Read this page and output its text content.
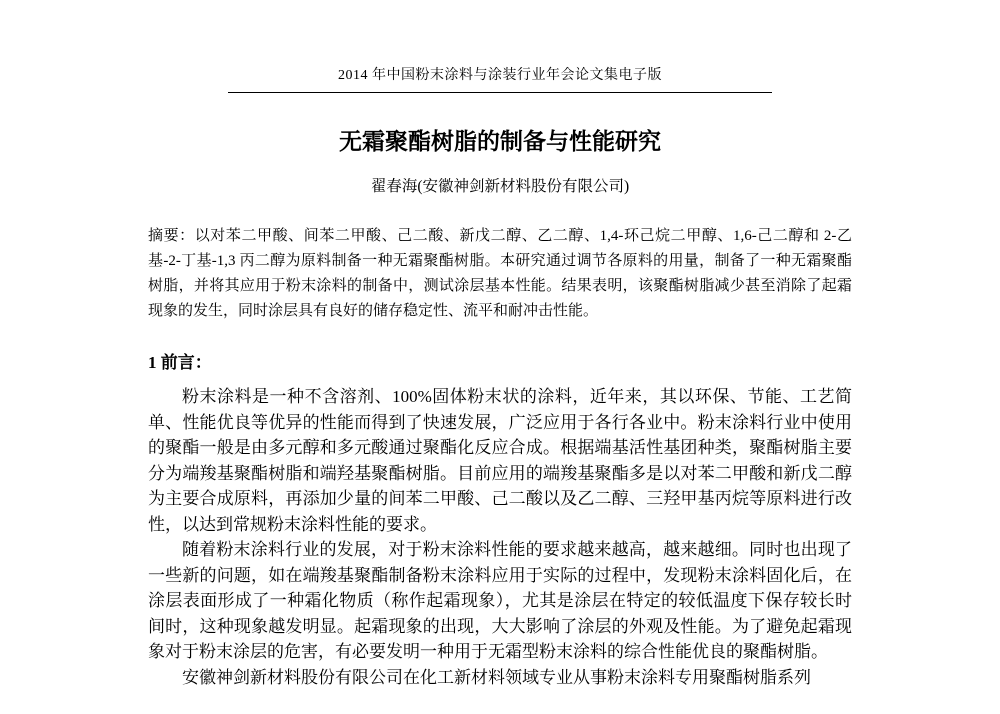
2014 年中国粉末涂料与涂装行业年会论文集电子版
无霜聚酯树脂的制备与性能研究
翟春海(安徽神剑新材料股份有限公司)

摘要：以对苯二甲酸、间苯二甲酸、己二酸、新戊二醇、乙二醇、1,4-环己烷二甲醇、1,6-己二醇和 2-乙基-2-丁基-1,3 丙二醇为原料制备一种无霜聚酯树脂。本研究通过调节各原料的用量，制备了一种无霜聚酯树脂，并将其应用于粉末涂料的制备中，测试涂层基本性能。结果表明，该聚酯树脂减少甚至消除了起霜现象的发生，同时涂层具有良好的储存稳定性、流平和耐冲击性能。

1 前言：

粉末涂料是一种不含溶剂、100%固体粉末状的涂料，近年来，其以环保、节能、工艺简单、性能优良等优异的性能而得到了快速发展，广泛应用于各行各业中。粉末涂料行业中使用的聚酯一般是由多元醇和多元酸通过聚酯化反应合成。根据端基活性基团种类，聚酯树脂主要分为端羧基聚酯树脂和端羟基聚酯树脂。目前应用的端羧基聚酯多是以对苯二甲酸和新戊二醇为主要合成原料，再添加少量的间苯二甲酸、己二酸以及乙二醇、三羟甲基丙烷等原料进行改性，以达到常规粉末涂料性能的要求。

随着粉末涂料行业的发展，对于粉末涂料性能的要求越来越高，越来越细。同时也出现了一些新的问题，如在端羧基聚酯制备粉末涂料应用于实际的过程中，发现粉末涂料固化后，在涂层表面形成了一种霜化物质（称作起霜现象），尤其是涂层在特定的较低温度下保存较长时间时，这种现象越发明显。起霜现象的出现，大大影响了涂层的外观及性能。为了避免起霜现象对于粉末涂层的危害，有必要发明一种用于无霜型粉末涂料的综合性能优良的聚酯树脂。

安徽神剑新材料股份有限公司在化工新材料领域专业从事粉末涂料专用聚酯树脂系列
